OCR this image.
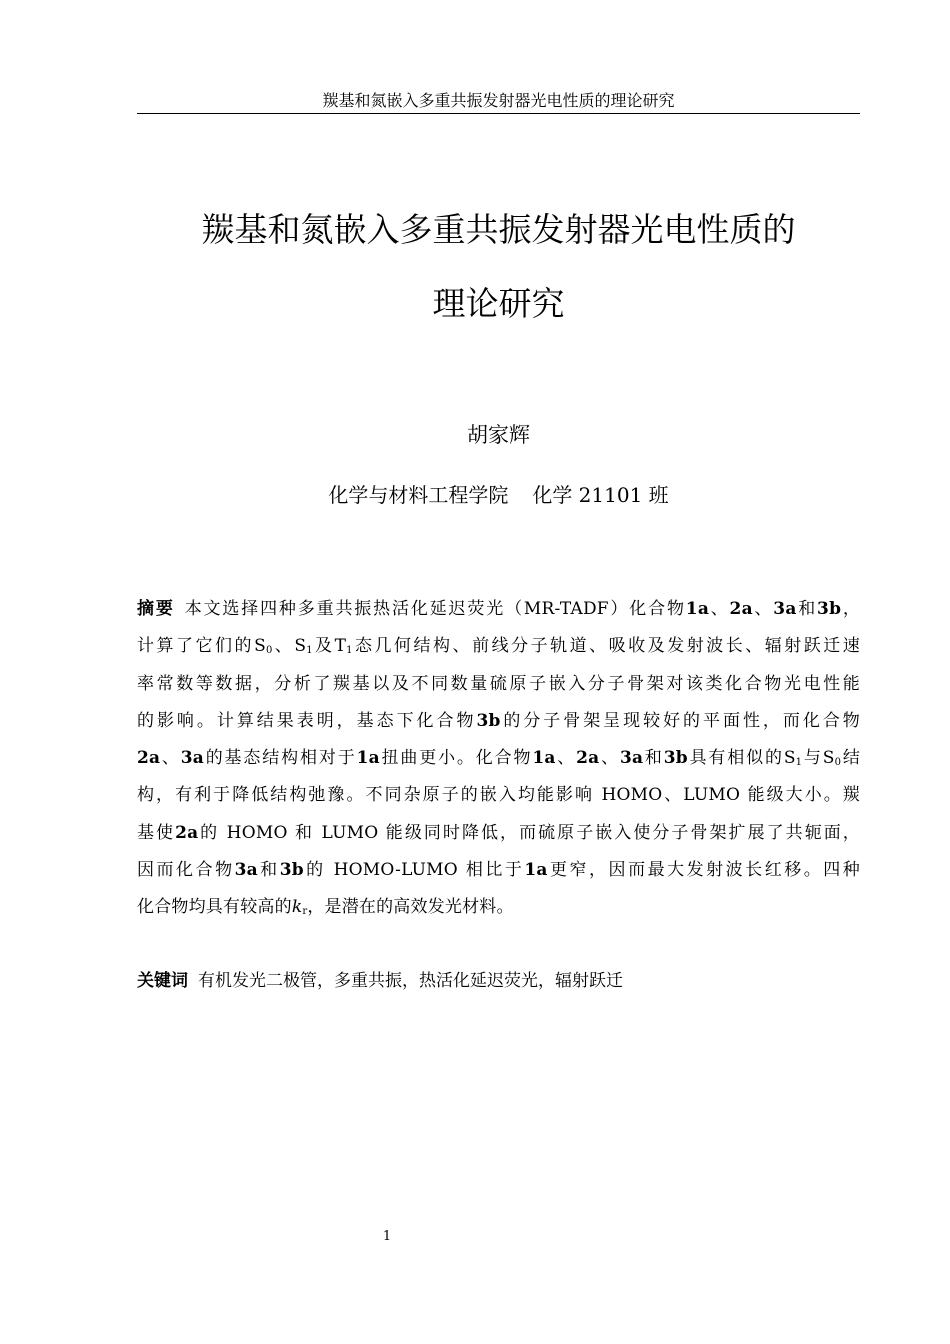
羰基和氮嵌入多重共振发射器光电性质的理论研究
羰基和氮嵌入多重共振发射器光电性质的
理论研究
胡家辉
化学与材料工程学院 化学 21101 班
摘要 本文选择四种多重共振热活化延迟荧光（MR-TADF）化合物1a、2a、3a和3b，
计算了它们的$S_0$、$S_1$及$T_1$态几何结构、前线分子轨道、吸收及发射波长、辐射跃迁速
率常数等数据，分析了羰基以及不同数量硫原子嵌入分子骨架对该类化合物光电性能
的影响。计算结果表明，基态下化合物3b的分子骨架呈现较好的平面性，而化合物
2a、3a的基态结构相对于1a扭曲更小。化合物1a、2a、3a和3b具有相似的$S_1$与$S_0$结
构，有利于降低结构弛豫。不同杂原子的嵌入均能影响 HOMO、LUMO 能级大小。羰
基使2a的 HOMO 和 LUMO 能级同时降低，而硫原子嵌入使分子骨架扩展了共轭面，
因而化合物3a和3b的 HOMO-LUMO 相比于1a更窄，因而最大发射波长红移。四种
化合物均具有较高的$k_r$，是潜在的高效发光材料。
关键词 有机发光二极管，多重共振，热活化延迟荧光，辐射跃迁
1
